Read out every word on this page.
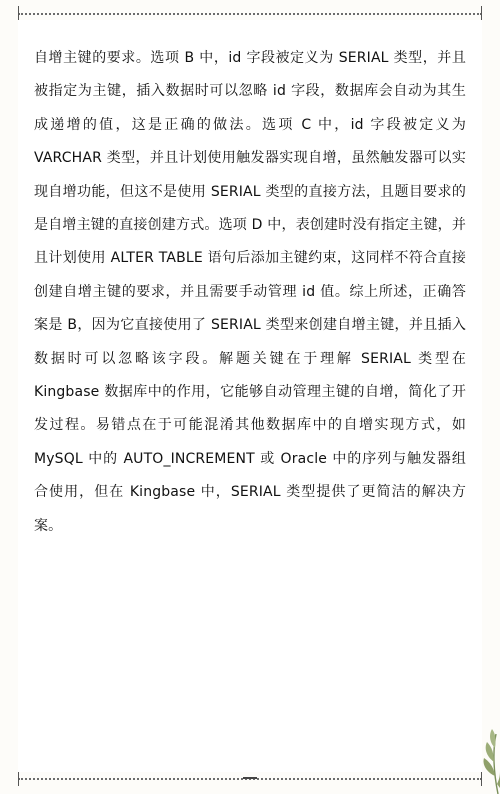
自增主键的要求。选项 B 中，id 字段被定义为 SERIAL 类型，并且被指定为主键，插入数据时可以忽略 id 字段，数据库会自动为其生成递增的值，这是正确的做法。选项 C 中，id 字段被定义为 VARCHAR 类型，并且计划使用触发器实现自增，虽然触发器可以实现自增功能，但这不是使用 SERIAL 类型的直接方法，且题目要求的是自增主键的直接创建方式。选项 D 中，表创建时没有指定主键，并且计划使用 ALTER TABLE 语句后添加主键约束，这同样不符合直接创建自增主键的要求，并且需要手动管理 id 值。综上所述，正确答案是 B，因为它直接使用了 SERIAL 类型来创建自增主键，并且插入数据时可以忽略该字段。解题关键在于理解 SERIAL 类型在 Kingbase 数据库中的作用，它能够自动管理主键的自增，简化了开发过程。易错点在于可能混淆其他数据库中的自增实现方式，如 MySQL 中的 AUTO_INCREMENT 或 Oracle 中的序列与触发器组合使用，但在 Kingbase 中，SERIAL 类型提供了更简洁的解决方案。
